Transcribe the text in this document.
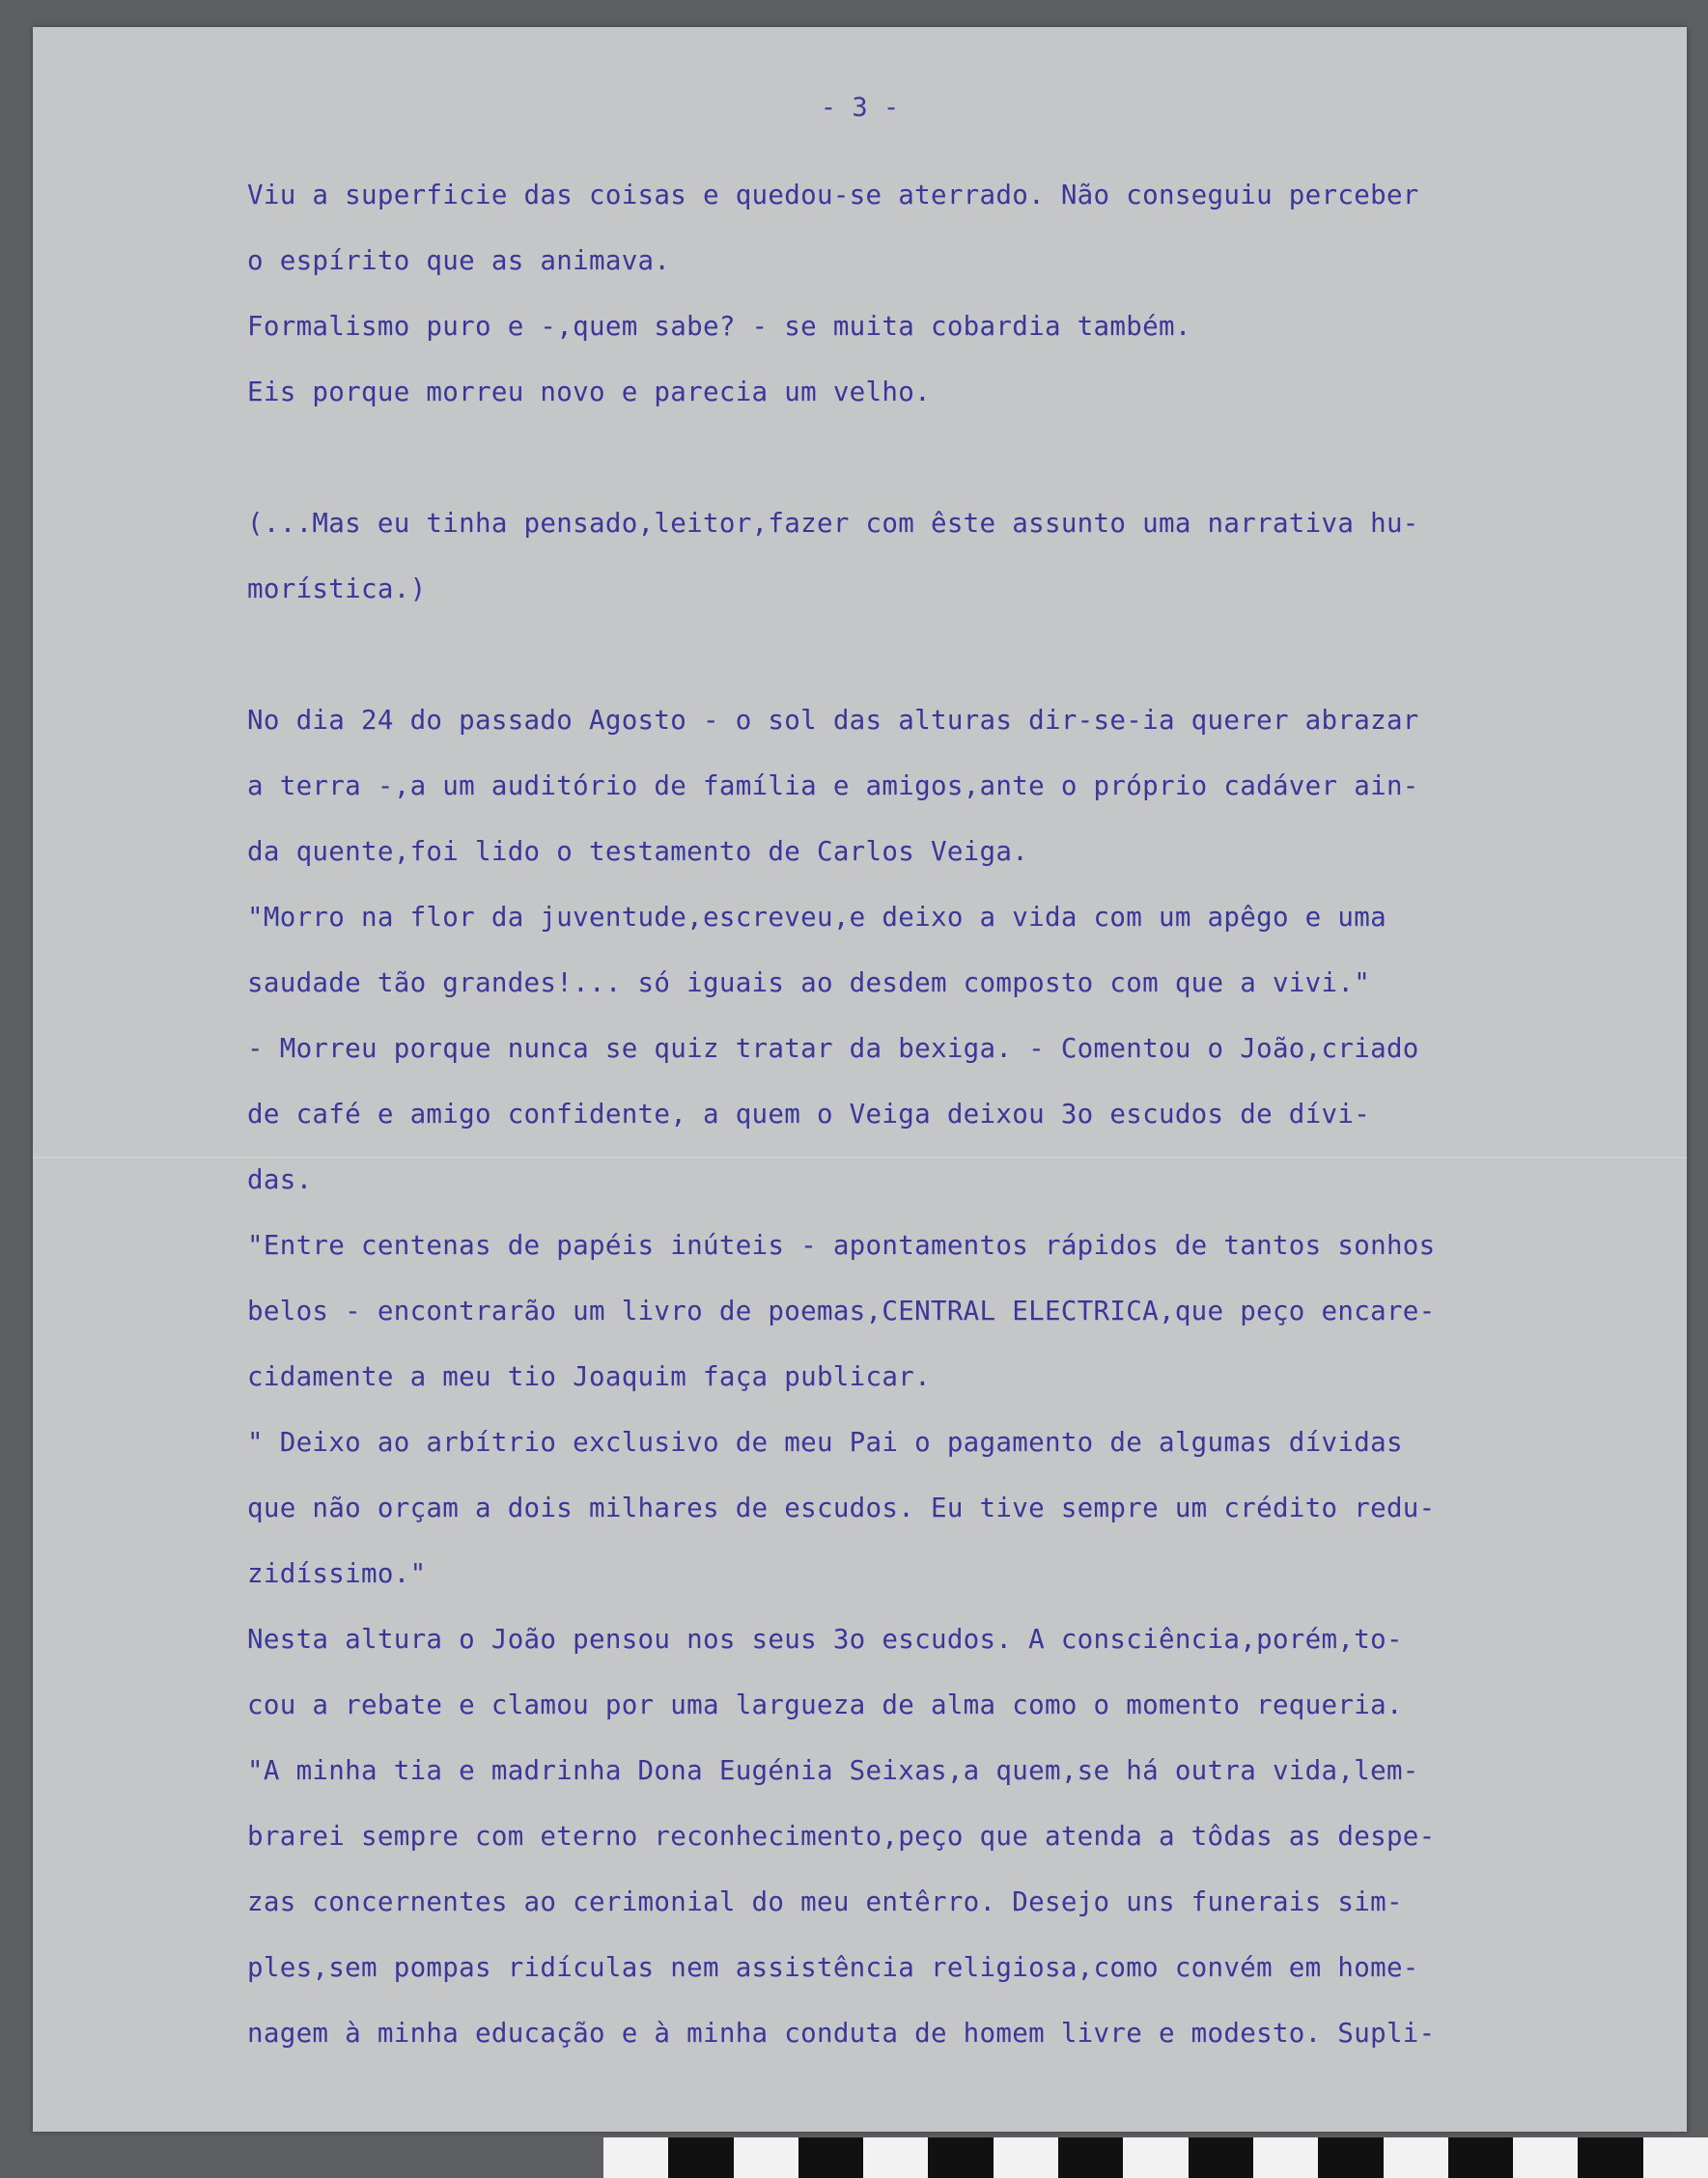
- 3 -
Viu a superficie das coisas e quedou-se aterrado. Não conseguiu perceber
o espírito que as animava.
Formalismo puro e -,quem sabe? - se muita cobardia também.
Eis porque morreu novo e parecia um velho.
(...Mas eu tinha pensado,leitor,fazer com êste assunto uma narrativa hu-
morística.)
No dia 24 do passado Agosto - o sol das alturas dir-se-ia querer abrazar
a terra -,a um auditório de família e amigos,ante o próprio cadáver ain-
da quente,foi lido o testamento de Carlos Veiga.
"Morro na flor da juventude,escreveu,e deixo a vida com um apêgo e uma
saudade tão grandes!... só iguais ao desdem composto com que a vivi."
- Morreu porque nunca se quiz tratar da bexiga. - Comentou o João,criado
de café e amigo confidente, a quem o Veiga deixou 3o escudos de dívi-
das.
"Entre centenas de papéis inúteis - apontamentos rápidos de tantos sonhos
belos - encontrarão um livro de poemas,CENTRAL ELECTRICA,que peço encare-
cidamente a meu tio Joaquim faça publicar.
" Deixo ao arbítrio exclusivo de meu Pai o pagamento de algumas dívidas
que não orçam a dois milhares de escudos. Eu tive sempre um crédito redu-
zidíssimo."
Nesta altura o João pensou nos seus 3o escudos. A consciência,porém,to-
cou a rebate e clamou por uma largueza de alma como o momento requeria.
"A minha tia e madrinha Dona Eugénia Seixas,a quem,se há outra vida,lem-
brarei sempre com eterno reconhecimento,peço que atenda a tôdas as despe-
zas concernentes ao cerimonial do meu entêrro. Desejo uns funerais sim-
ples,sem pompas ridículas nem assistência religiosa,como convém em home-
nagem à minha educação e à minha conduta de homem livre e modesto. Supli-
